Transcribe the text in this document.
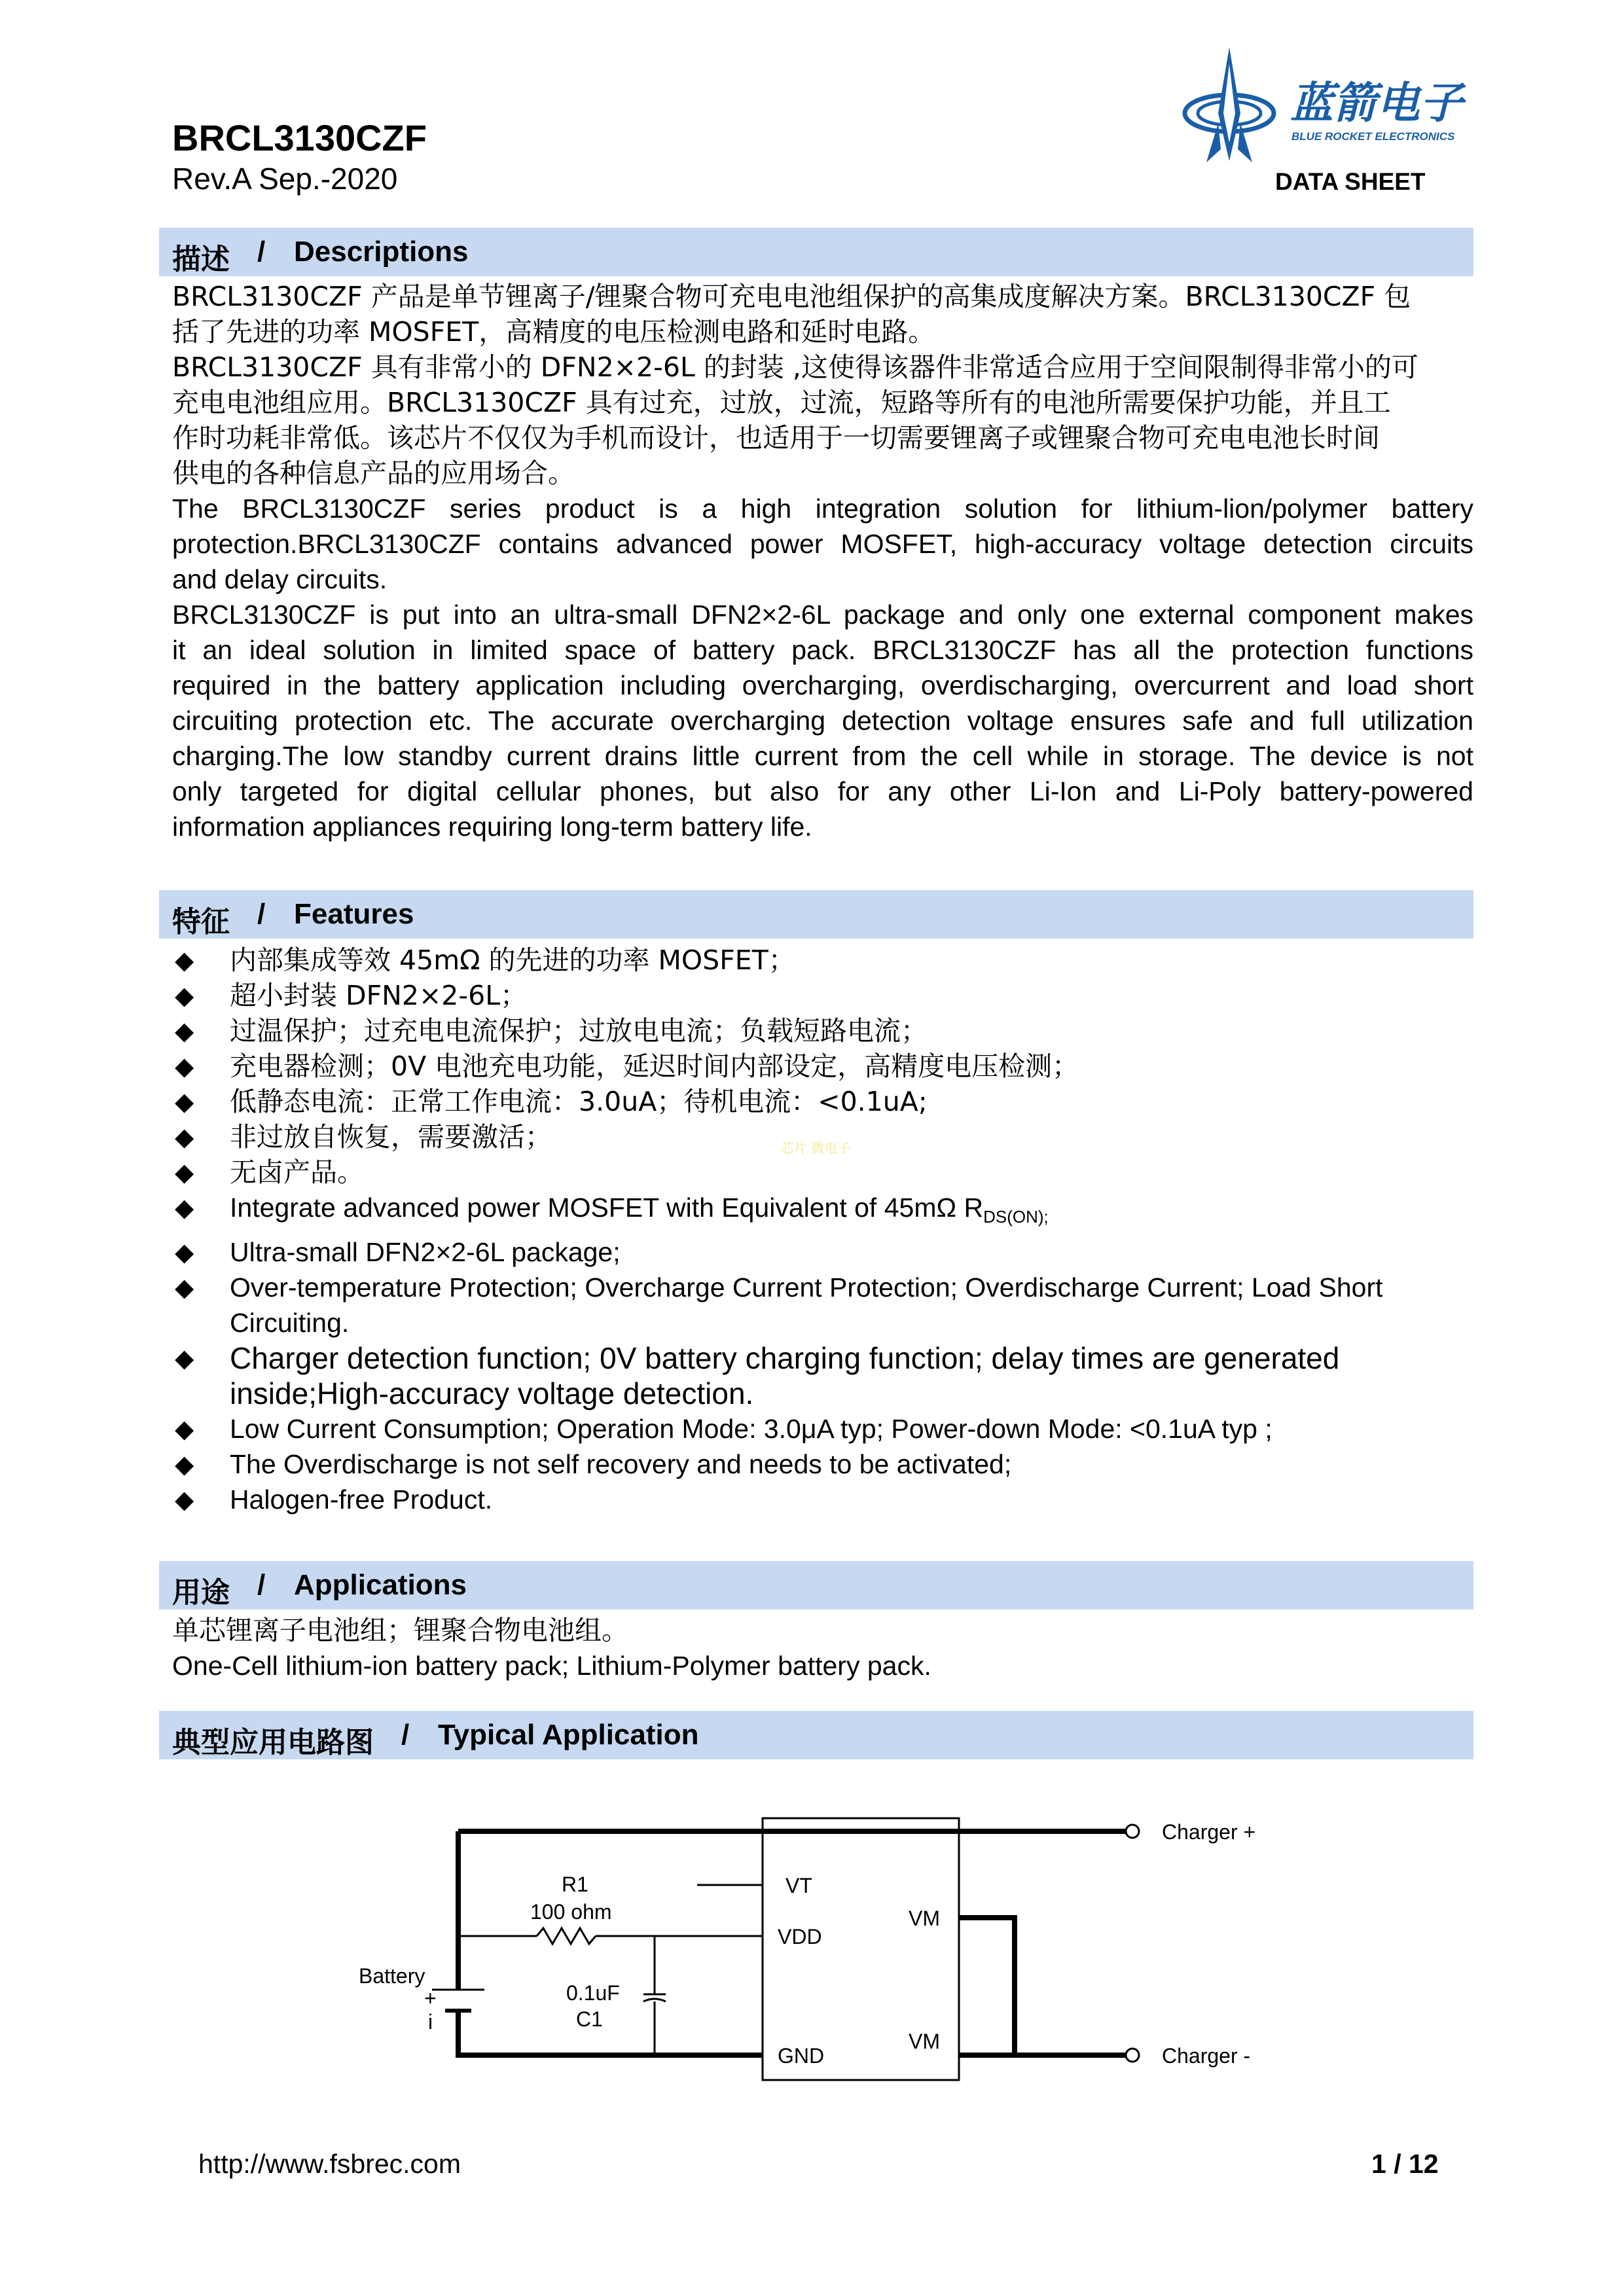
BRCL3130CZF
Rev.A Sep.-2020	DATA SHEET
蓝箭电子
BLUE ROCKET ELECTRONICS
描述 / Descriptions
BRCL3130CZF 产品是单节锂离子/锂聚合物可充电电池组保护的高集成度解决方案。BRCL3130CZF 包
括了先进的功率 MOSFET，高精度的电压检测电路和延时电路。
BRCL3130CZF 具有非常小的 DFN2×2-6L 的封装 ,这使得该器件非常适合应用于空间限制得非常小的可
充电电池组应用。BRCL3130CZF 具有过充，过放，过流，短路等所有的电池所需要保护功能，并且工
作时功耗非常低。该芯片不仅仅为手机而设计，也适用于一切需要锂离子或锂聚合物可充电电池长时间
供电的各种信息产品的应用场合。
The BRCL3130CZF series product is a high integration solution for lithium-lion/polymer battery
protection.BRCL3130CZF contains advanced power MOSFET, high-accuracy voltage detection circuits
and delay circuits.
BRCL3130CZF is put into an ultra-small DFN2×2-6L package and only one external component makes
it an ideal solution in limited space of battery pack. BRCL3130CZF has all the protection functions
required in the battery application including overcharging, overdischarging, overcurrent and load short
circuiting protection etc. The accurate overcharging detection voltage ensures safe and full utilization
charging.The low standby current drains little current from the cell while in storage. The device is not
only targeted for digital cellular phones, but also for any other Li-Ion and Li-Poly battery-powered
information appliances requiring long-term battery life.
特征 / Features
◆ 内部集成等效 45mΩ 的先进的功率 MOSFET；
◆ 超小封装 DFN2×2-6L；
◆ 过温保护；过充电电流保护；过放电电流；负载短路电流；
◆ 充电器检测；0V 电池充电功能，延迟时间内部设定，高精度电压检测；
◆ 低静态电流：正常工作电流：3.0uA；待机电流：<0.1uA;
◆ 非过放自恢复，需要激活；
◆ 无卤产品。
◆ Integrate advanced power MOSFET with Equivalent of 45mΩ $R_{DS(ON);}$
◆ Ultra-small DFN2×2-6L package;
◆ Over-temperature Protection; Overcharge Current Protection; Overdischarge Current; Load Short
Circuiting.
◆ Charger detection function; 0V battery charging function; delay times are generated
inside;High-accuracy voltage detection.
◆ Low Current Consumption; Operation Mode: 3.0μA typ; Power-down Mode: <0.1uA typ ;
◆ The Overdischarge is not self recovery and needs to be activated;
◆ Halogen-free Product.
芯片 微电子
用途 / Applications
单芯锂离子电池组；锂聚合物电池组。
One-Cell lithium-ion battery pack; Lithium-Polymer battery pack.
典型应用电路图 / Typical Application
Charger +
Charger -
R1
100 ohm
Battery
+
i
0.1uF
C1
VT
VDD
GND
VM
VM
http://www.fsbrec.com	1 / 12
